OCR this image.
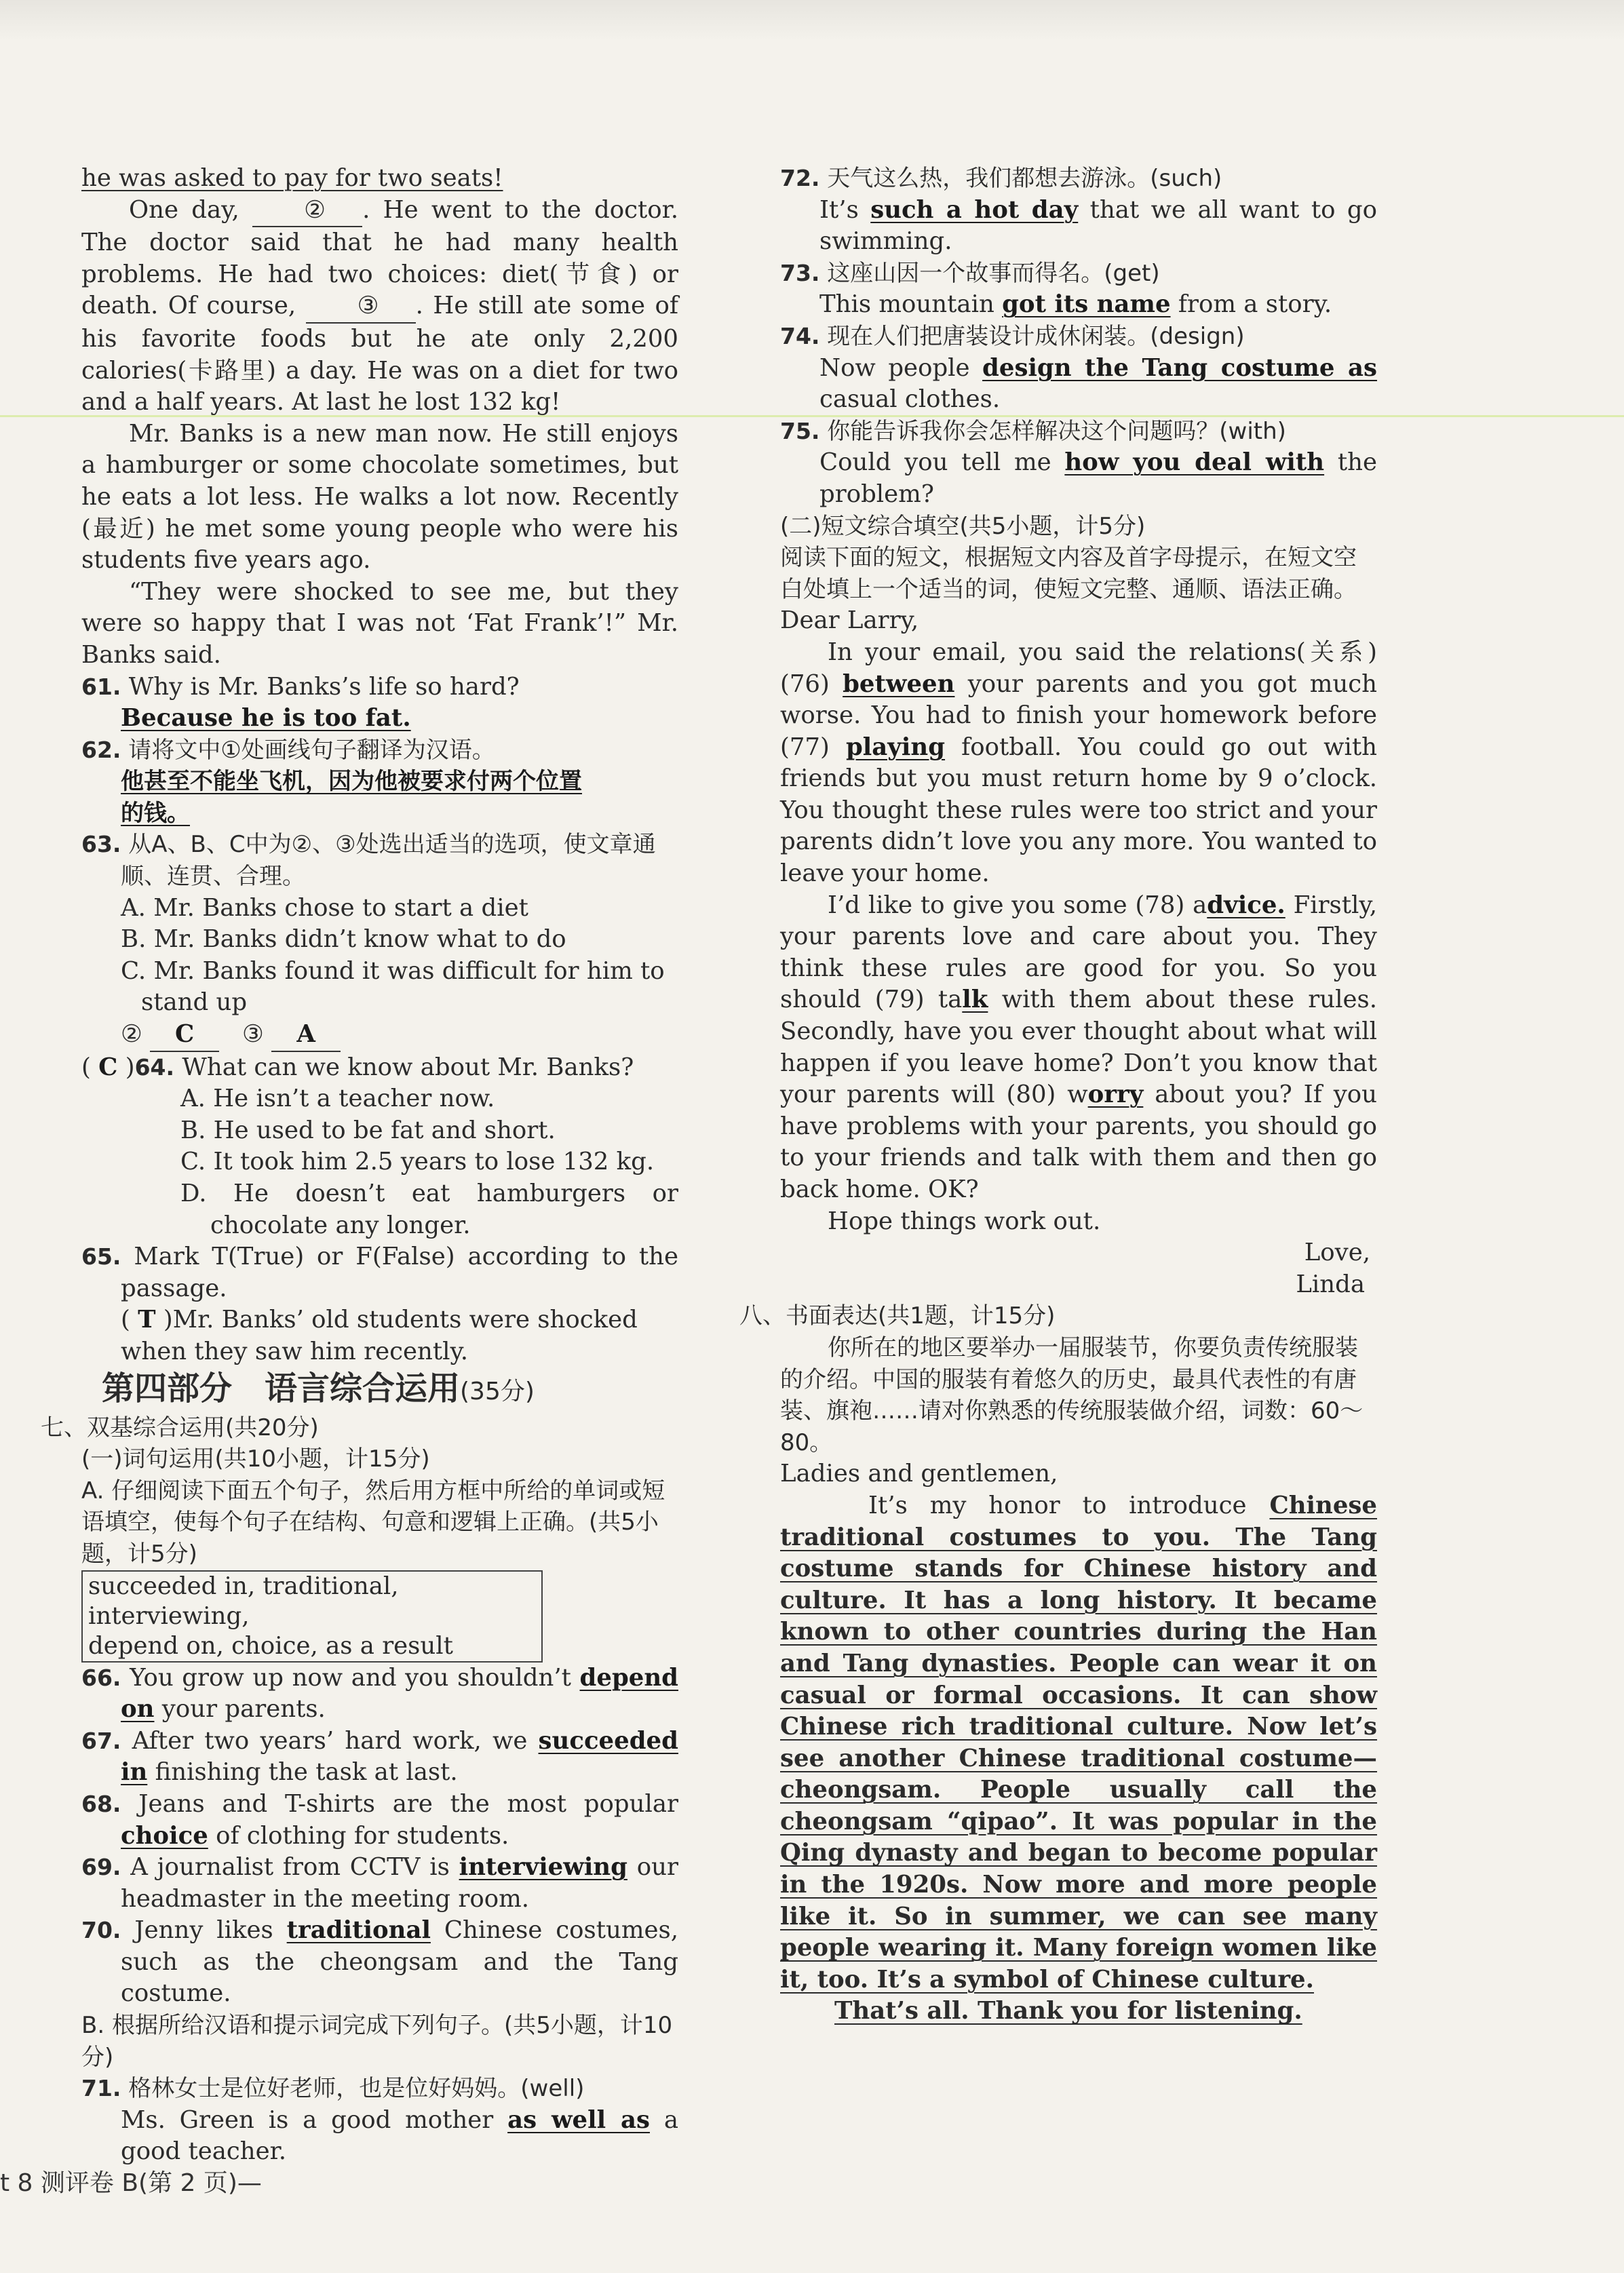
he was asked to pay for two seats!

One day,	② . He went to the doctor. The doctor said that he had many health problems. He had two choices: diet(节食) or death. Of course,	③ . He still ate some of his favorite foods but he ate only 2,200 calories(卡路里) a day. He was on a diet for two and a half years. At last he lost 132 kg!

Mr. Banks is a new man now. He still enjoys a hamburger or some chocolate sometimes, but he eats a lot less. He walks a lot now. Recently (最近) he met some young people who were his students five years ago.

“They were shocked to see me, but they were so happy that I was not ‘Fat Frank’!” Mr. Banks said.

61. Why is Mr. Banks’s life so hard?
Because he is too fat.
62. 请将文中①处画线句子翻译为汉语。
他甚至不能坐飞机，因为他被要求付两个位置
的钱。
63. 从A、B、C中为②、③处选出适当的选项，使文章通顺、连贯、合理。
A. Mr. Banks chose to start a diet
B. Mr. Banks didn’t know what to do
C. Mr. Banks found it was difficult for him to stand up
② C ③ A
( C )64. What can we know about Mr. Banks?
A. He isn’t a teacher now.
B. He used to be fat and short.
C. It took him 2.5 years to lose 132 kg.
D. He doesn’t eat hamburgers or chocolate any longer.
65. Mark T(True) or F(False) according to the passage.
( T )Mr. Banks’ old students were shocked when they saw him recently.
第四部分　语言综合运用(35分)
七、双基综合运用(共20分)
(一)词句运用(共10小题，计15分)
A. 仔细阅读下面五个句子，然后用方框中所给的单词或短语填空，使每个句子在结构、句意和逻辑上正确。(共5小题，计5分)
succeeded in, traditional, interviewing,
depend on, choice, as a result
66. You grow up now and you shouldn’t depend on your parents.
67. After two years’ hard work, we succeeded in finishing the task at last.
68. Jeans and T-shirts are the most popular choice of clothing for students.
69. A journalist from CCTV is interviewing our headmaster in the meeting room.
70. Jenny likes traditional Chinese costumes, such as the cheongsam and the Tang costume.
B. 根据所给汉语和提示词完成下列句子。(共5小题，计10分)
71. 格林女士是位好老师，也是位好妈妈。(well)
Ms. Green is a good mother as well as a good teacher.
72. 天气这么热，我们都想去游泳。(such)
It’s such a hot day that we all want to go swimming.
73. 这座山因一个故事而得名。(get)
This mountain got its name from a story.
74. 现在人们把唐装设计成休闲装。(design)
Now people design the Tang costume as casual clothes.
75. 你能告诉我你会怎样解决这个问题吗？(with)
Could you tell me how you deal with the problem?
(二)短文综合填空(共5小题，计5分)
阅读下面的短文，根据短文内容及首字母提示，在短文空白处填上一个适当的词，使短文完整、通顺、语法正确。
Dear Larry,

In your email, you said the relations(关系) (76) between your parents and you got much worse. You had to finish your homework before (77) playing football. You could go out with friends but you must return home by 9 o’clock. You thought these rules were too strict and your parents didn’t love you any more. You wanted to leave your home.

I’d like to give you some (78) advice. Firstly, your parents love and care about you. They think these rules are good for you. So you should (79) talk with them about these rules. Secondly, have you ever thought about what will happen if you leave home? Don’t you know that your parents will (80) worry about you? If you have problems with your parents, you should go to your friends and talk with them and then go back home. OK?

Hope things work out.

Love,
Linda
八、书面表达(共1题，计15分)
你所在的地区要举办一届服装节，你要负责传统服装的介绍。中国的服装有着悠久的历史，最具代表性的有唐装、旗袍……请对你熟悉的传统服装做介绍，词数：60～80。
Ladies and gentlemen,

It’s my honor to introduce Chinese traditional costumes to you. The Tang costume stands for Chinese history and culture. It has a long history. It became known to other countries during the Han and Tang dynasties. People can wear it on casual or formal occasions. It can show Chinese rich traditional culture. Now let’s see another Chinese traditional costume—cheongsam. People usually call the cheongsam “qipao”. It was popular in the Qing dynasty and began to become popular in the 1920s. Now more and more people like it. So in summer, we can see many people wearing it. Many foreign women like it, too. It’s a symbol of Chinese culture.

That’s all. Thank you for listening.

t 8 测评卷 B(第 2 页)—
